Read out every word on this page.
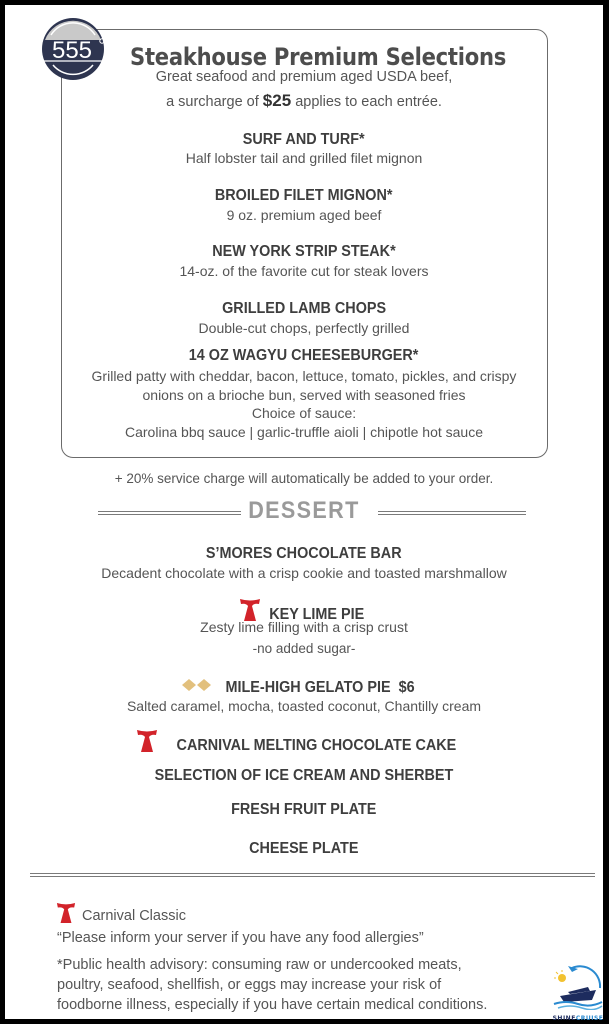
555 Steakhouse Premium Selections
Great seafood and premium aged USDA beef,
a surcharge of $25 applies to each entrée.
SURF AND TURF*
Half lobster tail and grilled filet mignon
BROILED FILET MIGNON*
9 oz. premium aged beef
NEW YORK STRIP STEAK*
14-oz. of the favorite cut for steak lovers
GRILLED LAMB CHOPS
Double-cut chops, perfectly grilled
14 OZ WAGYU CHEESEBURGER*
Grilled patty with cheddar, bacon, lettuce, tomato, pickles, and crispy
onions on a brioche bun, served with seasoned fries
Choice of sauce:
Carolina bbq sauce | garlic-truffle aioli | chipotle hot sauce
+ 20% service charge will automatically be added to your order.
DESSERT
S’MORES CHOCOLATE BAR
Decadent chocolate with a crisp cookie and toasted marshmallow
KEY LIME PIE
Zesty lime filling with a crisp crust
-no added sugar-
MILE-HIGH GELATO PIE  $6
Salted caramel, mocha, toasted coconut, Chantilly cream
CARNIVAL MELTING CHOCOLATE CAKE
SELECTION OF ICE CREAM AND SHERBET
FRESH FRUIT PLATE
CHEESE PLATE
Carnival Classic
“Please inform your server if you have any food allergies”
*Public health advisory: consuming raw or undercooked meats,
poultry, seafood, shellfish, or eggs may increase your risk of
foodborne illness, especially if you have certain medical conditions.
SHINECRUISE
